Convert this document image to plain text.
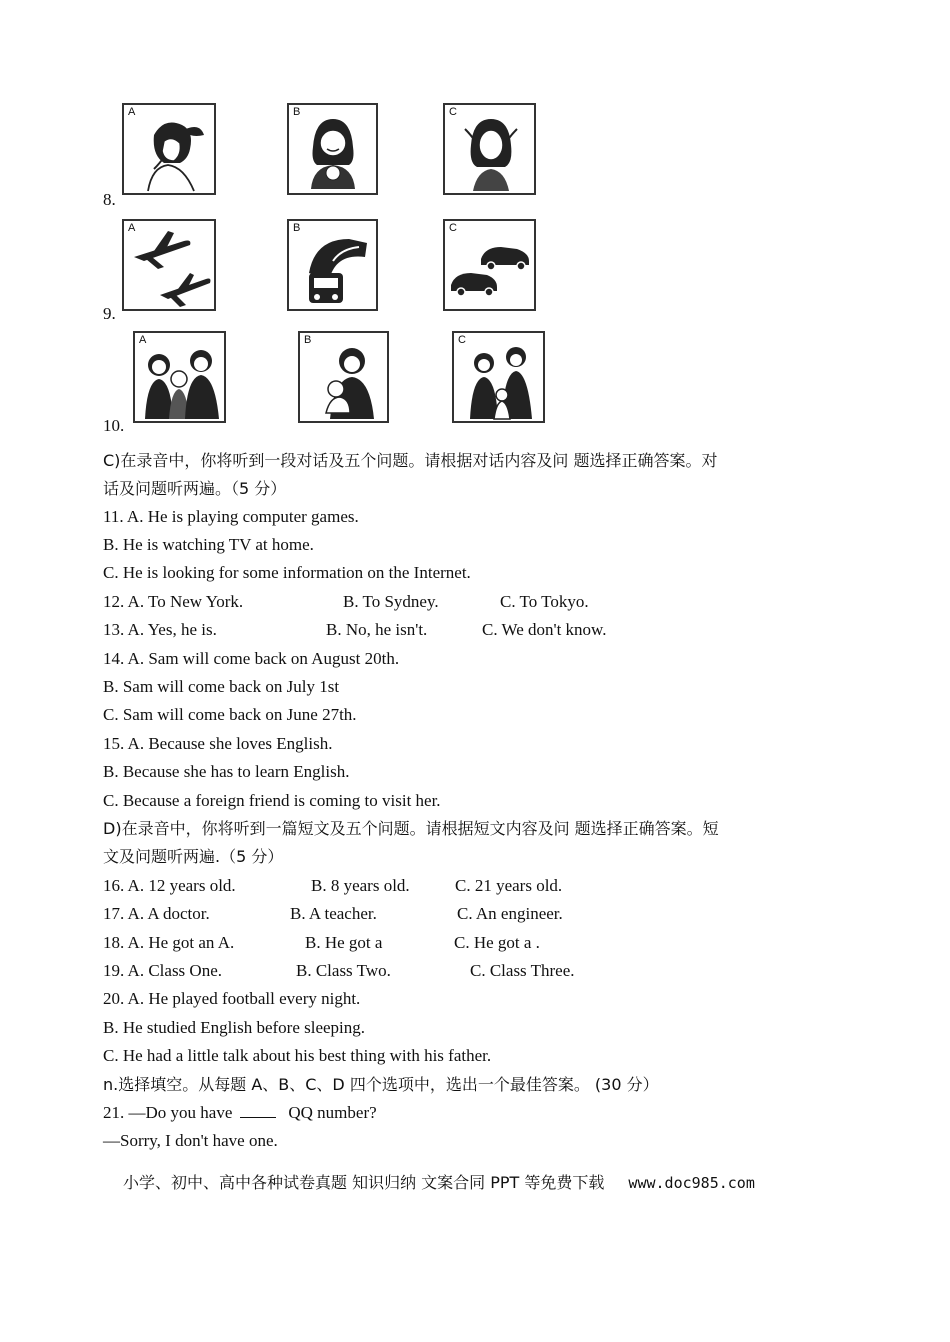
A	B	C
8.
A	B	C
9.
A	B	C
10.
C)在录音中，你将听到一段对话及五个问题。请根据对话内容及问 题选择正确答案。对
话及问题听两遍。（5 分）
11. A. He is playing computer games.
B. He is watching TV at home.
C. He is looking for some information on the Internet.
12. A. To New York.	B. To Sydney.	C. To Tokyo.
13. A. Yes, he is.	B. No, he isn't.	C. We don't know.
14. A. Sam will come back on August 20th.
B. Sam will come back on July 1st
C. Sam will come back on June 27th.
15. A. Because she loves English.
B. Because she has to learn English.
C. Because a foreign friend is coming to visit her.
D)在录音中，你将听到一篇短文及五个问题。请根据短文内容及问 题选择正确答案。短
文及问题听两遍.（5 分）
16. A. 12 years old.	B. 8 years old.	C. 21 years old.
17. A. A doctor.	B. A teacher.	C. An engineer.
18. A. He got an A.	B. He got a	C. He got a .
19. A. Class One.	B. Class Two.	C. Class Three.
20. A. He played football every night.
B. He studied English before sleeping.
C. He had a little talk about his best thing with his father.
n.选择填空。从每题 A、B、C、D 四个选项中，选出一个最佳答案。 (30 分）
21. —Do you have	QQ number?
—Sorry, I don't have one.
小学、初中、高中各种试卷真题 知识归纳 文案合同 PPT 等免费下载 www.doc985.com
